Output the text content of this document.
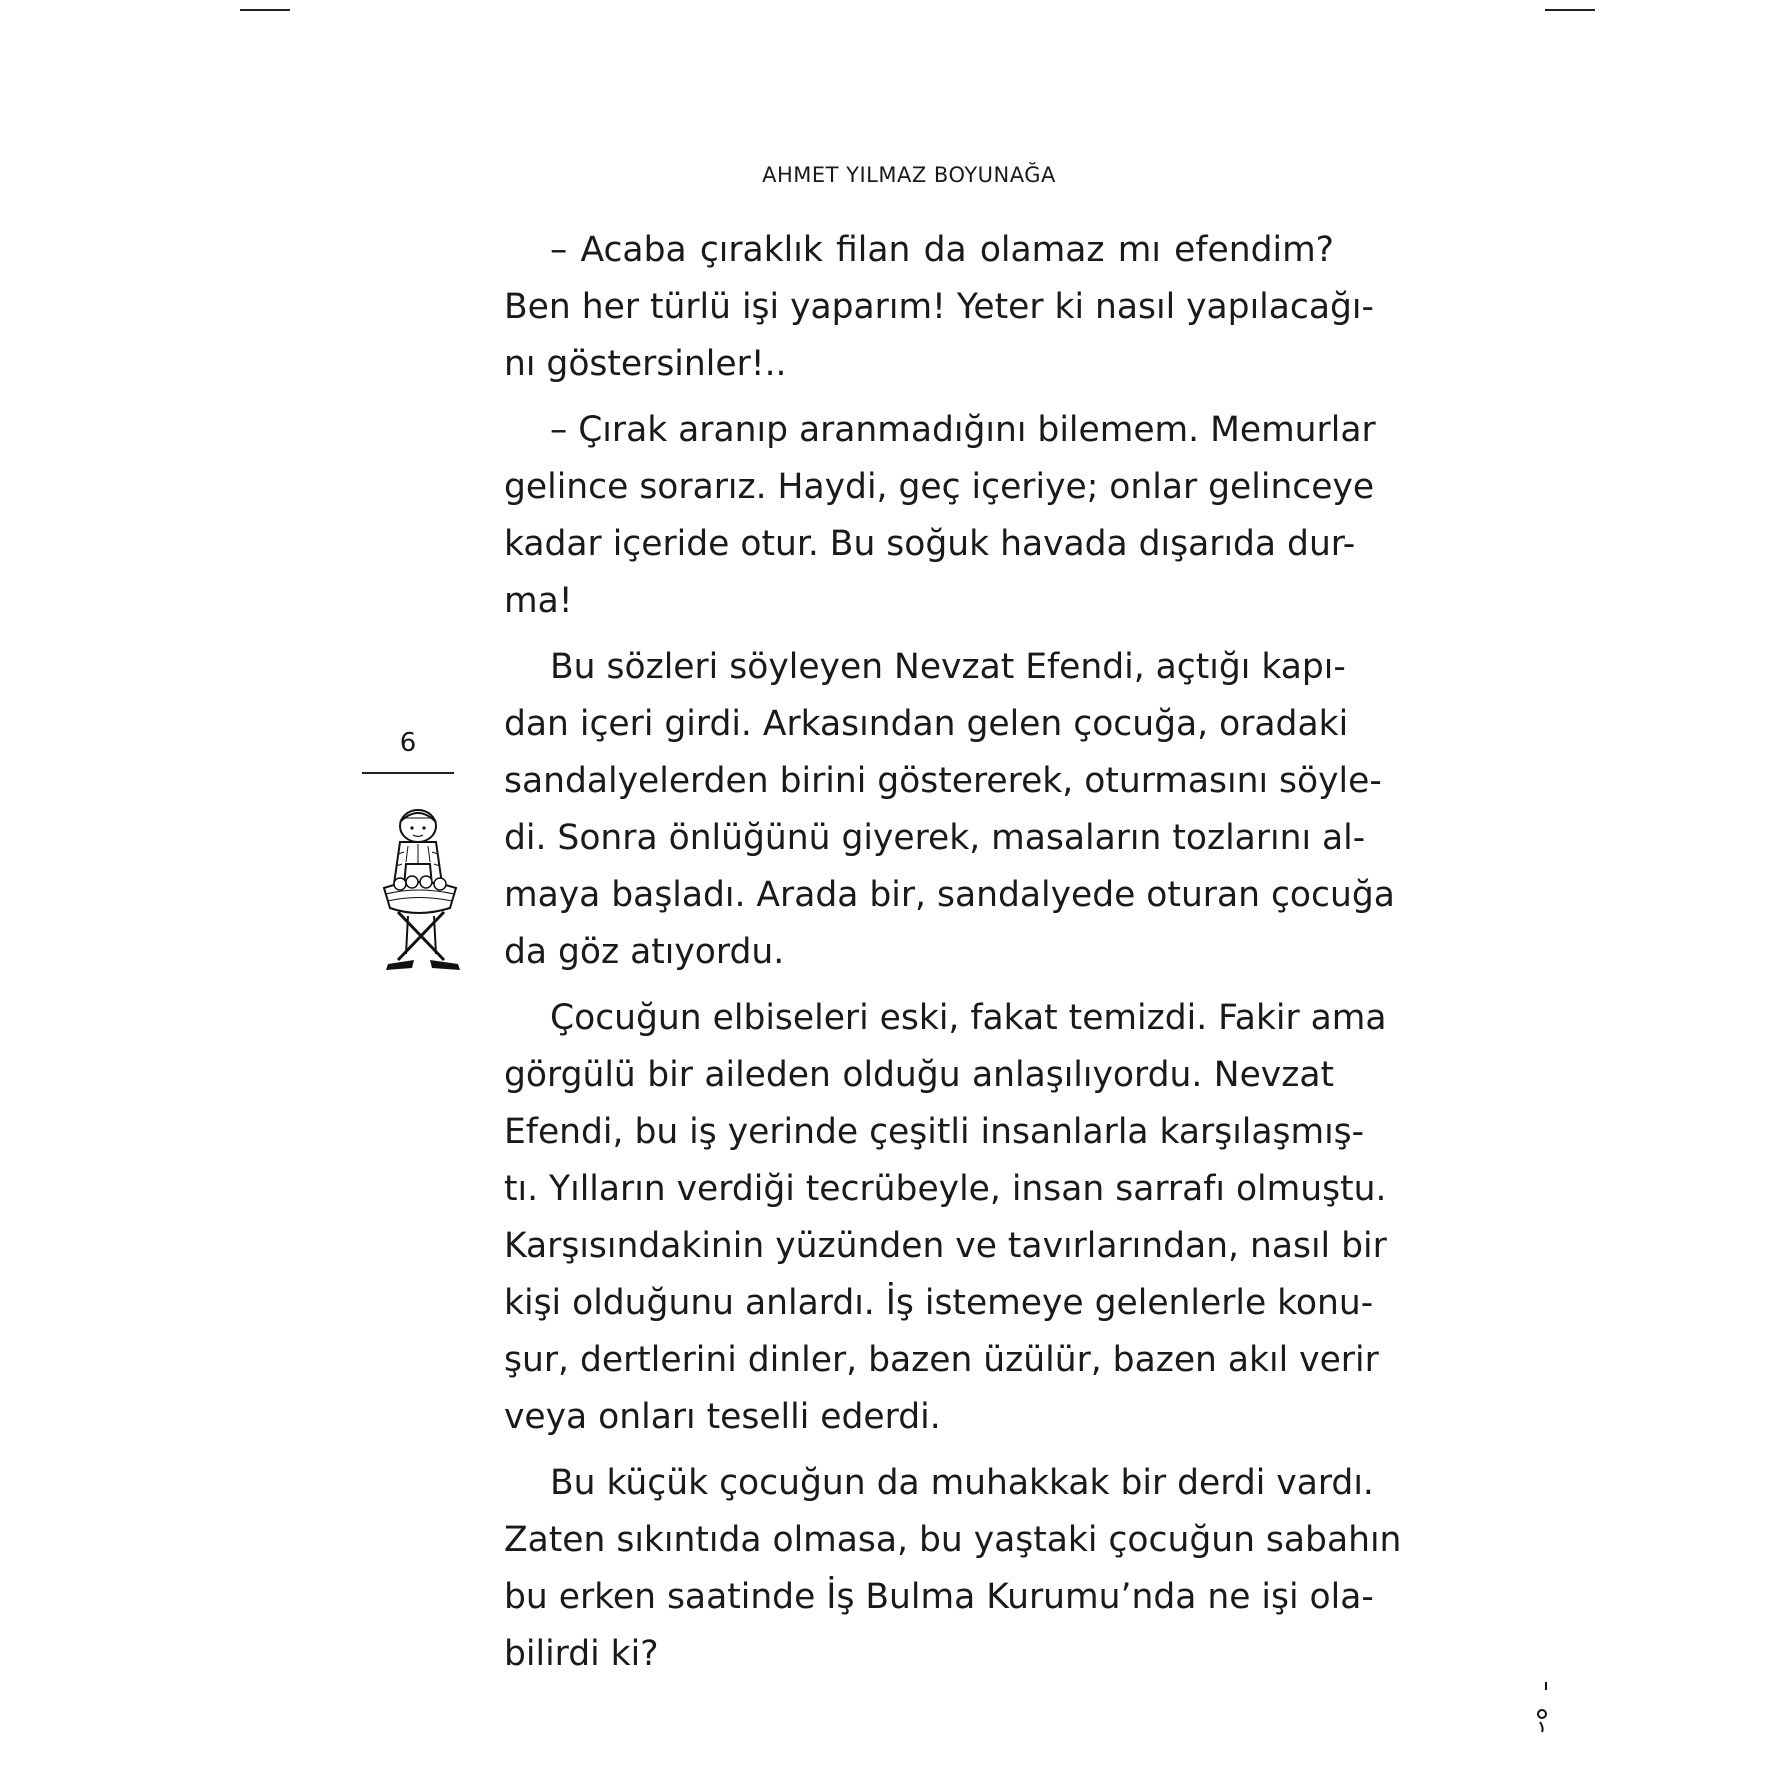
AHMET YILMAZ BOYUNAĞA
6

– Acaba çıraklık filan da olamaz mı efendim?
Ben her türlü işi yaparım! Yeter ki nasıl yapılacağı-
nı göstersinler!..

– Çırak aranıp aranmadığını bilemem. Memurlar
gelince sorarız. Haydi, geç içeriye; onlar gelinceye
kadar içeride otur. Bu soğuk havada dışarıda dur-
ma!

Bu sözleri söyleyen Nevzat Efendi, açtığı kapı-
dan içeri girdi. Arkasından gelen çocuğa, oradaki
sandalyelerden birini göstererek, oturmasını söyle-
di. Sonra önlüğünü giyerek, masaların tozlarını al-
maya başladı. Arada bir, sandalyede oturan çocuğa
da göz atıyordu.

Çocuğun elbiseleri eski, fakat temizdi. Fakir ama
görgülü bir aileden olduğu anlaşılıyordu. Nevzat
Efendi, bu iş yerinde çeşitli insanlarla karşılaşmış-
tı. Yılların verdiği tecrübeyle, insan sarrafı olmuştu.
Karşısındakinin yüzünden ve tavırlarından, nasıl bir
kişi olduğunu anlardı. İş istemeye gelenlerle konu-
şur, dertlerini dinler, bazen üzülür, bazen akıl verir
veya onları teselli ederdi.

Bu küçük çocuğun da muhakkak bir derdi vardı.
Zaten sıkıntıda olmasa, bu yaştaki çocuğun sabahın
bu erken saatinde İş Bulma Kurumu’nda ne işi ola-
bilirdi ki?
